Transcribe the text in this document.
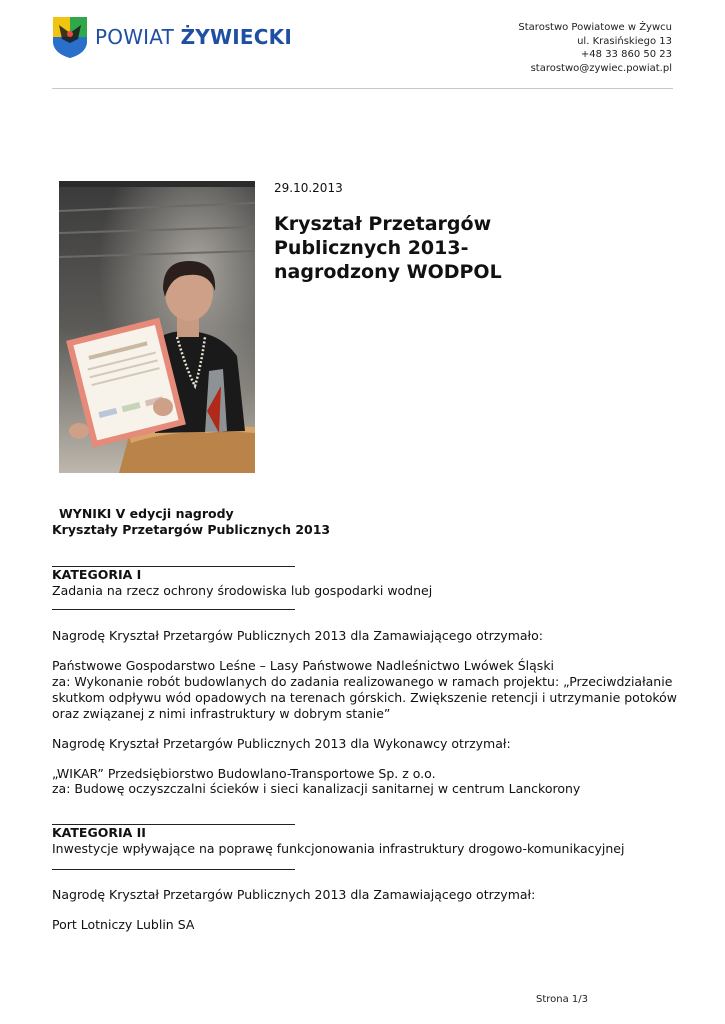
POWIAT ŻYWIECKI	Starostwo Powiatowe w Żywcu
ul. Krasińskiego 13
+48 33 860 50 23
starostwo@zywiec.powiat.pl
29.10.2013
Kryształ Przetargów
Publicznych 2013-
nagrodzony WODPOL
WYNIKI V edycji nagrody
Kryształy Przetargów Publicznych 2013
KATEGORIA I
Zadania na rzecz ochrony środowiska lub gospodarki wodnej
Nagrodę Kryształ Przetargów Publicznych 2013 dla Zamawiającego otrzymało:
Państwowe Gospodarstwo Leśne – Lasy Państwowe Nadleśnictwo Lwówek Śląski
za: Wykonanie robót budowlanych do zadania realizowanego w ramach projektu: „Przeciwdziałanie
skutkom odpływu wód opadowych na terenach górskich. Zwiększenie retencji i utrzymanie potoków
oraz związanej z nimi infrastruktury w dobrym stanie”
Nagrodę Kryształ Przetargów Publicznych 2013 dla Wykonawcy otrzymał:
„WIKAR” Przedsiębiorstwo Budowlano-Transportowe Sp. z o.o.
za: Budowę oczyszczalni ścieków i sieci kanalizacji sanitarnej w centrum Lanckorony
KATEGORIA II
Inwestycje wpływające na poprawę funkcjonowania infrastruktury drogowo-komunikacyjnej
Nagrodę Kryształ Przetargów Publicznych 2013 dla Zamawiającego otrzymał:
Port Lotniczy Lublin SA
Strona 1/3
